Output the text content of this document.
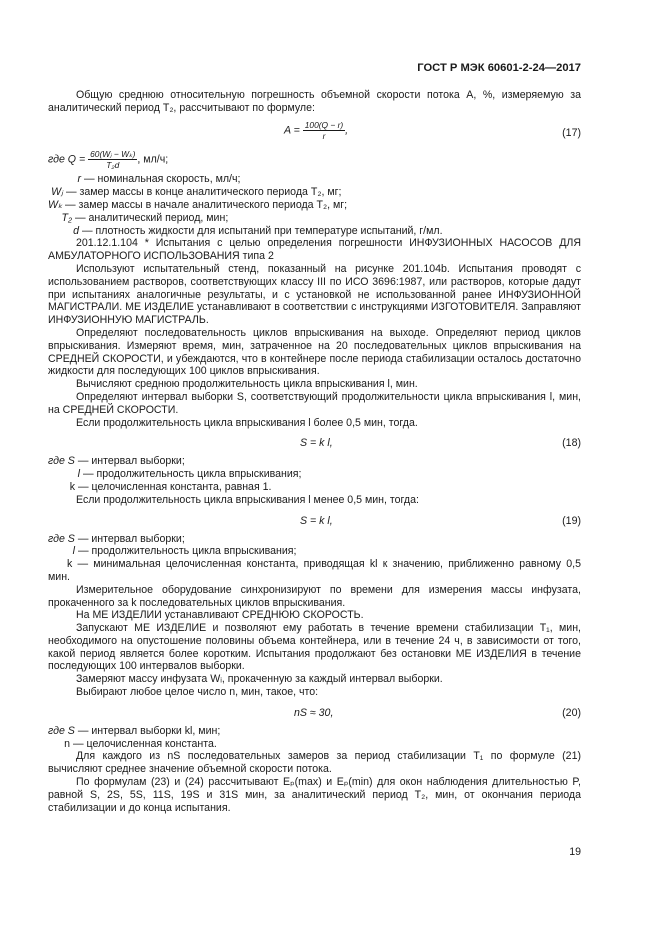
ГОСТ Р МЭК 60601-2-24—2017

Общую среднюю относительную погрешность объемной скорости потока A, %, измеряемую за аналитический период T₂, рассчитывают по формуле:

$A = \frac{100(Q - r)}{r}$ ,	(17)
где $Q = \frac{\text{60(Wⱼ − Wₖ)}}{\text{T₂d}}$ , мл/ч;

r — номинальная скорость, мл/ч;

Wⱼ — замер массы в конце аналитического периода T₂, мг;

Wₖ — замер массы в начале аналитического периода T₂, мг;

T₂ — аналитический период, мин;

d — плотность жидкости для испытаний при температуре испытаний, г/мл.

201.12.1.104 * Испытания с целью определения погрешности ИНФУЗИОННЫХ НАСОСОВ ДЛЯ АМБУЛАТОРНОГО ИСПОЛЬЗОВАНИЯ типа 2

Используют испытательный стенд, показанный на рисунке 201.104b. Испытания проводят с использованием растворов, соответствующих классу III по ИСО 3696:1987, или растворов, которые дадут при испытаниях аналогичные результаты, и с установкой не использованной ранее ИНФУЗИОННОЙ МАГИСТРАЛИ. МЕ ИЗДЕЛИЕ устанавливают в соответствии с инструкциями ИЗГОТОВИТЕЛЯ. Заправляют ИНФУЗИОННУЮ МАГИСТРАЛЬ.

Определяют последовательность циклов впрыскивания на выходе. Определяют период циклов впрыскивания. Измеряют время, мин, затраченное на 20 последовательных циклов впрыскивания на CРЕДНЕЙ СКОРОСТИ, и убеждаются, что в контейнере после периода стабилизации осталось достаточно жидкости для последующих 100 циклов впрыскивания.

Вычисляют среднюю продолжительность цикла впрыскивания l, мин.

Определяют интервал выборки S, соответствующий продолжительности цикла впрыскивания l, мин, на CРЕДНЕЙ СКОРОСТИ.

Если продолжительность цикла впрыскивания l более 0,5 мин, тогда.

S = k l,	(18)

где S — интервал выборки;

l — продолжительность цикла впрыскивания;

k — целочисленная константа, равная 1.

Если продолжительность цикла впрыскивания l менее 0,5 мин, тогда:

S = k l,	(19)

где S — интервал выборки;

l — продолжительность цикла впрыскивания;

k — минимальная целочисленная константа, приводящая kl к значению, приближенно равному 0,5 мин.

Измерительное оборудование синхронизируют по времени для измерения массы инфузата, прокаченного за k последовательных циклов впрыскивания.

На МЕ ИЗДЕЛИИ устанавливают СРЕДНЮЮ СКОРОСТЬ.

Запускают МЕ ИЗДЕЛИЕ и позволяют ему работать в течение времени стабилизации T₁, мин, необходимого на опустошение половины объема контейнера, или в течение 24 ч, в зависимости от того, какой период является более коротким. Испытания продолжают без остановки МЕ ИЗДЕЛИЯ в течение последующих 100 интервалов выборки.

Замеряют массу инфузата Wᵢ, прокаченную за каждый интервал выборки.

Выбирают любое целое число n, мин, такое, что:

nS ≈ 30,	(20)

где S — интервал выборки kl, мин;

n — целочисленная константа.

Для каждого из nS последовательных замеров за период стабилизации T₁ по формуле (21) вычисляют среднее значение объемной скорости потока.

По формулам (23) и (24) рассчитывают Eₚ(max) и Eₚ(min) для окон наблюдения длительностью P, равной S, 2S, 5S, 11S, 19S и 31S мин, за аналитический период T₂, мин, от окончания периода стабилизации и до конца испытания.

19
